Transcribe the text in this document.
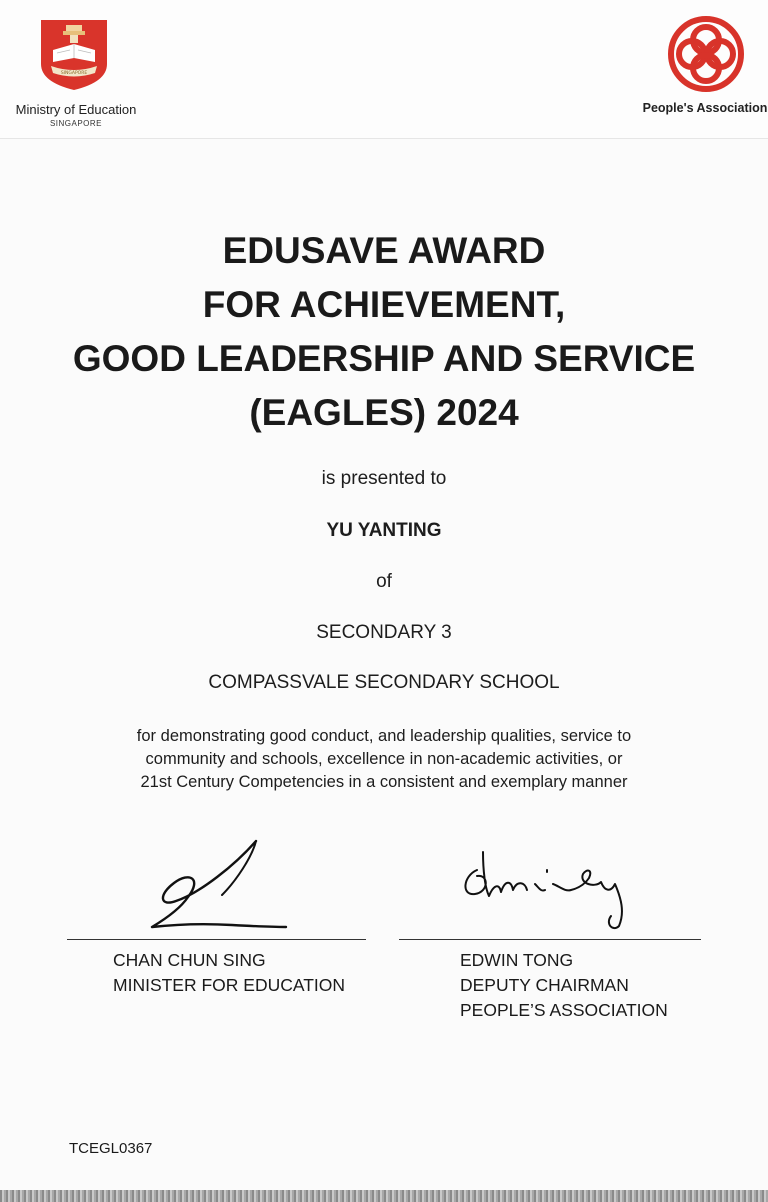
SINGAPORE
Ministry of Education
SINGAPORE
People's Association
EDUSAVE AWARD
FOR ACHIEVEMENT,
GOOD LEADERSHIP AND SERVICE
(EAGLES) 2024
is presented to
YU YANTING
of
SECONDARY 3
COMPASSVALE SECONDARY SCHOOL
for demonstrating good conduct, and leadership qualities, service to
community and schools, excellence in non-academic activities, or
21st Century Competencies in a consistent and exemplary manner
CHAN CHUN SING
MINISTER FOR EDUCATION
EDWIN TONG
DEPUTY CHAIRMAN
PEOPLE’S ASSOCIATION
TCEGL0367
